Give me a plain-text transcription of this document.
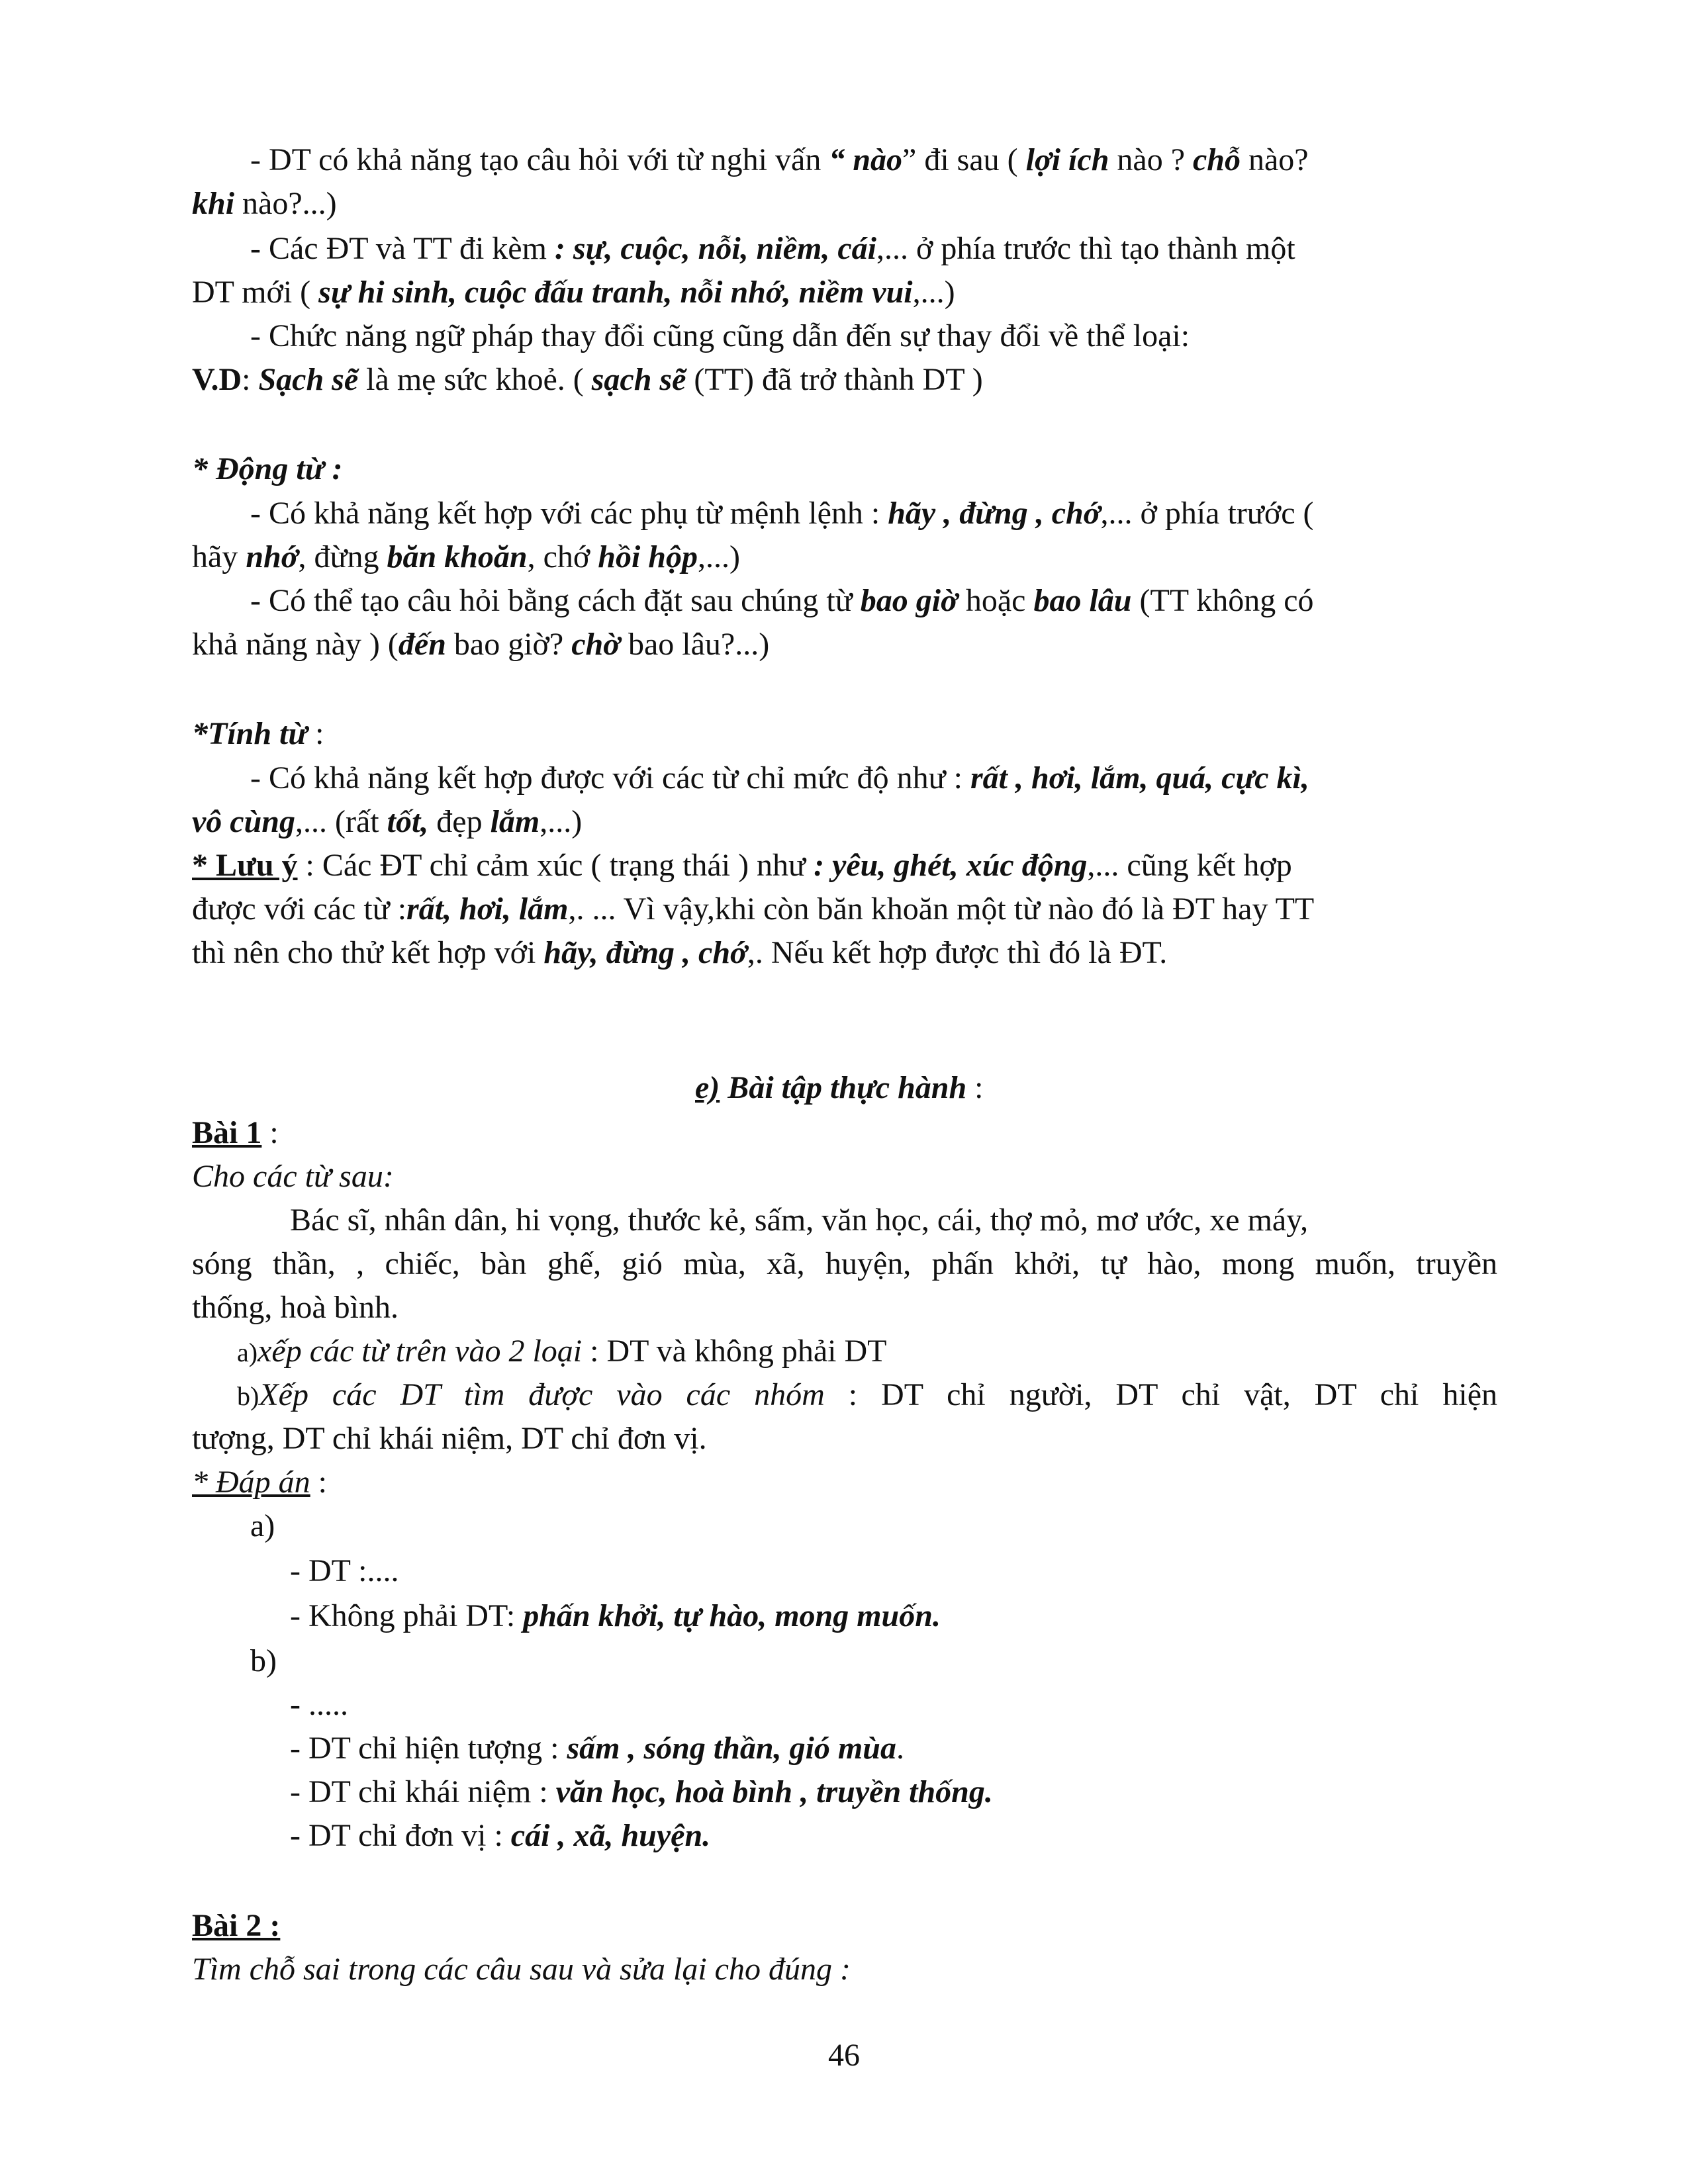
- DT có khả năng tạo câu hỏi với từ nghi vấn “ nào” đi sau ( lợi ích nào ? chỗ nào?
khi nào?...)
- Các ĐT và TT đi kèm : sự, cuộc, nỗi, niềm, cái,... ở phía trước thì tạo thành một
DT mới ( sự hi sinh, cuộc đấu tranh, nỗi nhớ, niềm vui,...)
- Chức năng ngữ pháp thay đổi cũng cũng dẫn đến sự thay đổi về thể loại:
V.D: Sạch sẽ là mẹ sức khoẻ. ( sạch sẽ (TT) đã trở thành DT )
* Động từ :
- Có khả năng kết hợp với các phụ từ mệnh lệnh : hãy , đừng , chớ,... ở phía trước (
hãy nhớ, đừng băn khoăn, chớ hồi hộp,...)
- Có thể tạo câu hỏi bằng cách đặt sau chúng từ bao giờ hoặc bao lâu (TT không có
khả năng này ) (đến bao giờ? chờ bao lâu?...)
*Tính từ :
- Có khả năng kết hợp được với các từ chỉ mức độ như : rất , hơi, lắm, quá, cực kì,
vô cùng,... (rất tốt, đẹp lắm,...)
* Lưu ý : Các ĐT chỉ cảm xúc ( trạng thái ) như : yêu, ghét, xúc động,... cũng kết hợp
được với các từ :rất, hơi, lắm,. ... Vì vậy,khi còn băn khoăn một từ nào đó là ĐT hay TT
thì nên cho thử kết hợp với hãy, đừng , chớ,. Nếu kết hợp được thì đó là ĐT.
e) Bài tập thực hành :
Bài 1 :
Cho các từ sau:
Bác sĩ, nhân dân, hi vọng, thước kẻ, sấm, văn học, cái, thợ mỏ, mơ ước, xe máy,
sóng thần, , chiếc, bàn ghế, gió mùa, xã, huyện, phấn khởi, tự hào, mong muốn, truyền
thống, hoà bình.
a)xếp các từ trên vào 2 loại : DT và không phải DT
b)Xếp các DT tìm được vào các nhóm : DT chỉ người, DT chỉ vật, DT chỉ hiện
tượng, DT chỉ khái niệm, DT chỉ đơn vị.
* Đáp án :
a)
- DT :....
- Không phải DT: phấn khởi, tự hào, mong muốn.
b)
- .....
- DT chỉ hiện tượng : sấm , sóng thần, gió mùa.
- DT chỉ khái niệm : văn học, hoà bình , truyền thống.
- DT chỉ đơn vị : cái , xã, huyện.
Bài 2 :
Tìm chỗ sai trong các câu sau và sửa lại cho đúng :
46
